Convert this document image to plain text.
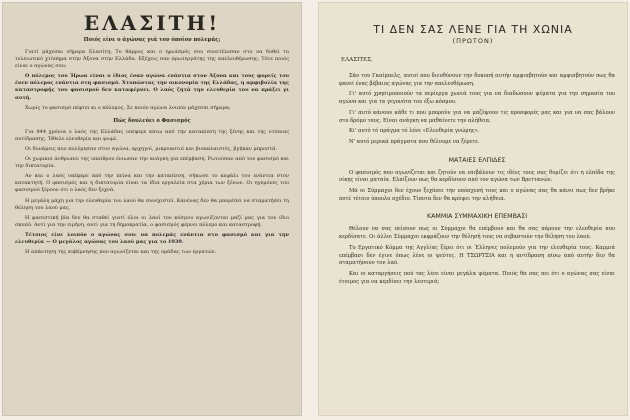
ΕΛΑΣΙΤΗ!
Ποιός είνε ο άγώνας γιά τον όποίον πολεμάς;

Γιατί μάχεσαι σήμερα Ελασίτη; Το θάρρος και ο ηρωϊσμός σου συνετέλεσαν στο να δοθεί το τελειωτικό χτύπημα στην Άξονα στην Ελλάδα. Εξέχεις σαν πρωτεργάτης της απελευθέρωσης. Τότε ποιός είναι ο αγώνας σου;

Ο πόλεμος του Ήρωα είναι ο ίδιος έναν αγώνα ενάντια στον Άξονα και τους φορείς του ένεν πόλεμος ενάντια στη φασισμό. Χτυπώντας την οικονομία της Ελλάδας, η αμφιβολία της καταστροφής του φασισμού δεν καταφέρνει. Ο λαός ζητά την ελευθερία του να πράξει γι αυτή.

Χωρίς το φασισμό πέφτει κι ο πόλεμος. Σε ποιόν αγώνα λοιπόν μάχεσαι σήμερα;

Πώς δουλεύει ο Φασισμός

Για 844 χρόνια ο λαός της Ελλάδας υπέφερε κάτω από την καταπίεση της ξένης και της ντόπιας αντίδρασης. Ήθελε ελευθερία και ψωμί.

Οι δυνάμεις που πολέμησαν στον αγώνα, αρχηγοί, μικροαστοί και βιοπαλαιστές, βγήκαν μπροστά.

Οι χωρικοί άνθρωποι της υπαίθρου ένιωσαν την ανάγκη για επέμβαση. Ρωτούσαν από τον φασισμό και την δικτατορία.

Αν και ο λαός υπέφερε από την πείνα και την καταπίεση, σήκωσε το κεφάλι του ενάντια στον κατακτητή. Ο φασισμός και η δικτατορία είναι τα ίδια εργαλεία στα χέρια των ξένων. Οι ηγεμόνες του φασισμού ξέρουν ότι ο λαός δεν ξεχνά.

Η μεγάλη μάχη για την ελευθερία του λαού θα συνεχιστεί. Κανένας δεν θα μπορέσει να σταματήσει τη θέληση του λαού μας.

Η φασιστική βία δεν θα σταθεί γιατί όλοι οι λαοί του κόσμου αγωνίζονται μαζί μας για τον ίδιο σκοπό. Αντί για την ειρήνη, αντί για τη δημοκρατία, ο φασισμός φέρνει πόλεμο και καταστροφή.

Τέτοιος είνε λοιπόν ο αγώνας σου: να πολεμάς ενάντια στο φασισμό και για την ελευθερία — Ο μεγάλος αγώνας του λαού μας για το 1939.

Η απάντηση της κυβέρνησης που αγωνίζεται και της ομάδας των εργατών.

ΤΙ ΔΕΝ ΣΑΣ ΛΕΝΕ ΓΙΑ ΤΗ ΧΩΝΙΑ
(ΠΡΩΤΟΝ)
ΕΛΑΣΙΤΕΣ,

Σάν τον Γκαίμπελς, αυτοί που διευθύνουν την δοκοπή αυτήν αμφισβητούν και αμφισβητούν πως θα φανεί ένας βέβαιος αγώνας για την απελευθέρωση.

Γι' αυτό χρησιμοποιούν τα περίεργα χωνιά τους για να διαδώσουν ψέματα για την σημασία του αγώνα και για τα γεγονότα του έξω κόσμου.

Γι' αυτό κάνουν κάθε τι που μπορούν για να μαζέψουν τις προσφορές μας και για να σας βάλουν στο δρόμο τους. Είναι ανάγκη να μαθαίνετε την αλήθεια.

Κι' αυτό τό πράγμα τό λένε «Ελευθερία γνώμης».

Ν' αυτό μερικά πράγματα που θέλουμε να ξέρετε.

ΜΑΤΑΙΕΣ ΕΛΠΙΔΕΣ

Ο φασισμός που αγωνίζεται και ζητούν να επιβάλουν τις ιδέες τους σας θυμίζει ότι η ελπίδα της νίκης είναι ματαία. Ελπίζουν πως θα κερδίσουν από τον αγώνα των Βρεττανών.

Μά οι Σύμμαχοι δεν έχουν ξεχάσει την υπόσχεσή τους και ο αγώνας σας θα κάνει πως δεν βρήκε ποτέ τέτοιο ύπουλο σχέδιο. Τίποτα δεν θα κρύψει την αλήθεια.

ΚΑΜΜΙΑ ΣΥΜΜΑΧΙΚΗ ΕΠΕΜΒΑΣΙ

Θέλουν να σας πείσουν πως οι Σύμμαχοι θα επέμβουν και θα σας πάρουν την ελευθερία που κερδίσατε. Οι άλλοι Σύμμαχοι εκφράζουν την θέλησή τους να σεβαστούν την θέληση του λαού.

Το Εργατικό Κόμμα της Αγγλίας ξέρει ότι οι Έλληνες πολεμούν για την ελευθερία τους. Καμμιά επέμβασι δεν έγινε όπως λένε οι ψεύτες. Η ΤΣΩΡΤΣΙΑ και η αντίδραση πίσω από αυτήν δεν θα σταματήσουν τον λαό.

Και οι καταργήσεις πού τας λένε είναι μεγάλα ψέματα. Ποιός θα σας πει ότι ο αγώνας σας είναι έτοιμος για να κερδίσει την λευτεριά;
